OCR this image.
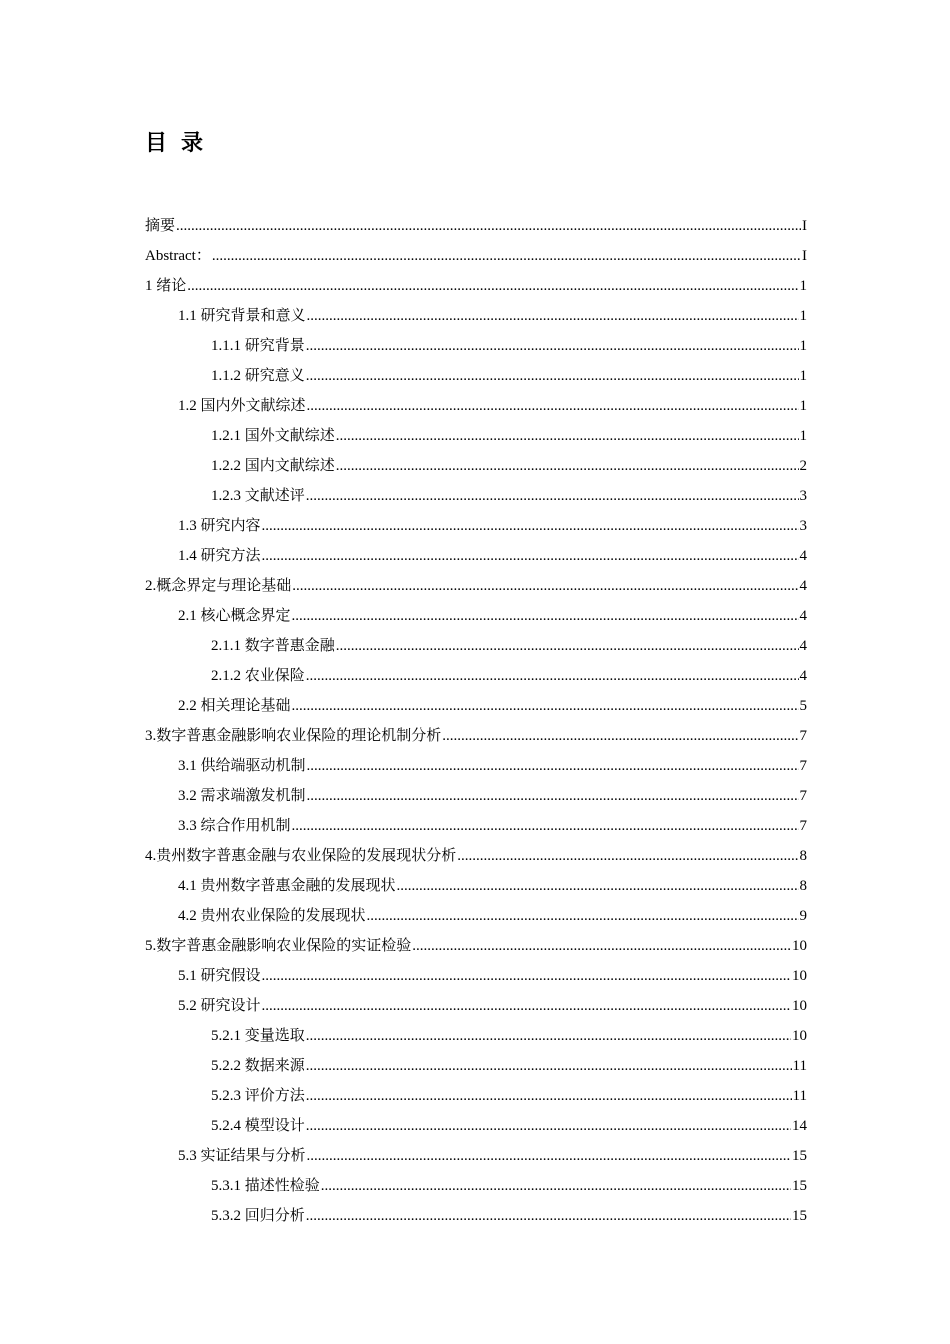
目录
摘要 .....	I
Abstract： .....	I
1 绪论 .....	1
1.1 研究背景和意义 .....	1
1.1.1 研究背景 .....	1
1.1.2 研究意义 .....	1
1.2 国内外文献综述 .....	1
1.2.1 国外文献综述 .....	1
1.2.2 国内文献综述 .....	2
1.2.3 文献述评 .....	3
1.3 研究内容 .....	3
1.4 研究方法 .....	4
2.概念界定与理论基础 .....	4
2.1 核心概念界定 .....	4
2.1.1 数字普惠金融 .....	4
2.1.2 农业保险 .....	4
2.2 相关理论基础 .....	5
3.数字普惠金融影响农业保险的理论机制分析 .....	7
3.1 供给端驱动机制 .....	7
3.2 需求端激发机制 .....	7
3.3 综合作用机制 .....	7
4.贵州数字普惠金融与农业保险的发展现状分析 .....	8
4.1 贵州数字普惠金融的发展现状 .....	8
4.2 贵州农业保险的发展现状 .....	9
5.数字普惠金融影响农业保险的实证检验 .....	10
5.1 研究假设 .....	10
5.2 研究设计 .....	10
5.2.1 变量选取 .....	10
5.2.2 数据来源 .....	11
5.2.3 评价方法 .....	11
5.2.4 模型设计 .....	14
5.3 实证结果与分析 .....	15
5.3.1 描述性检验 .....	15
5.3.2 回归分析 .....	15
